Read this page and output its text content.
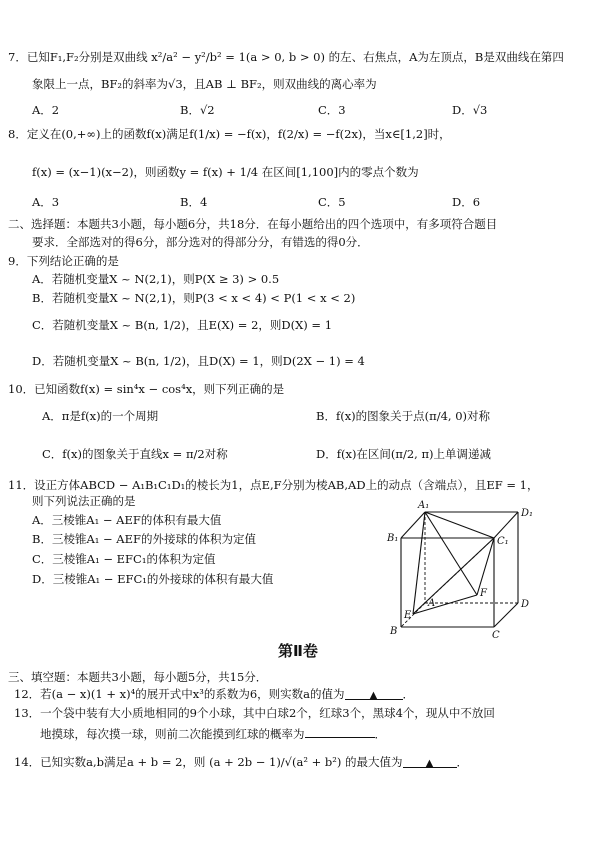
7．已知F₁,F₂分别是双曲线 x²/a² − y²/b² = 1(a > 0, b > 0) 的左、右焦点，A为左顶点，B是双曲线在第四
象限上一点，BF₂的斜率为√3，且AB ⊥ BF₂，则双曲线的离心率为
A．2	B．√2	C．3	D．√3
8．定义在(0,+∞)上的函数f(x)满足f(1/x) = −f(x)，f(2/x) = −f(2x)，当x∈[1,2]时，
f(x) = (x−1)(x−2)，则函数y = f(x) + 1/4 在区间[1,100]内的零点个数为
A．3	B．4	C．5	D．6
二、选择题：本题共3小题，每小题6分，共18分．在每小题给出的四个选项中，有多项符合题目
要求．全部选对的得6分，部分选对的得部分分，有错选的得0分．
9．下列结论正确的是
A．若随机变量X ~ N(2,1)，则P(X ≥ 3) > 0.5
B．若随机变量X ~ N(2,1)，则P(3 < x < 4) < P(1 < x < 2)
C．若随机变量X ~ B(n, 1/2)，且E(X) = 2，则D(X) = 1
D．若随机变量X ~ B(n, 1/2)，且D(X) = 1，则D(2X − 1) = 4
10．已知函数f(x) = sin⁴x − cos⁴x，则下列正确的是
A．π是f(x)的一个周期	B．f(x)的图象关于点(π/4, 0)对称
C．f(x)的图象关于直线x = π/2对称	D．f(x)在区间(π/2, π)上单调递减
11．设正方体ABCD − A₁B₁C₁D₁的棱长为1，点E,F分别为棱AB,AD上的动点（含端点），且EF = 1，
则下列说法正确的是
A．三棱锥A₁ − AEF的体积有最大值
B．三棱锥A₁ − AEF的外接球的体积为定值
C．三棱锥A₁ − EFC₁的体积为定值
D．三棱锥A₁ − EFC₁的外接球的体积有最大值
A₁
D₁
B₁	C₁
A	D
E
F
B	C
第Ⅱ卷
三、填空题：本题共3小题，每小题5分，共15分．
12．若(a − x)(1 + x)⁴的展开式中x³的系数为6，则实数a的值为	▲ ．
13．一个袋中装有大小质地相同的9个小球，其中白球2个，红球3个，黑球4个，现从中不放回
地摸球，每次摸一球，则前二次能摸到红球的概率为	．
14．已知实数a,b满足a + b = 2，则 (a + 2b − 1)/√(a² + b²) 的最大值为 ▲ ．
